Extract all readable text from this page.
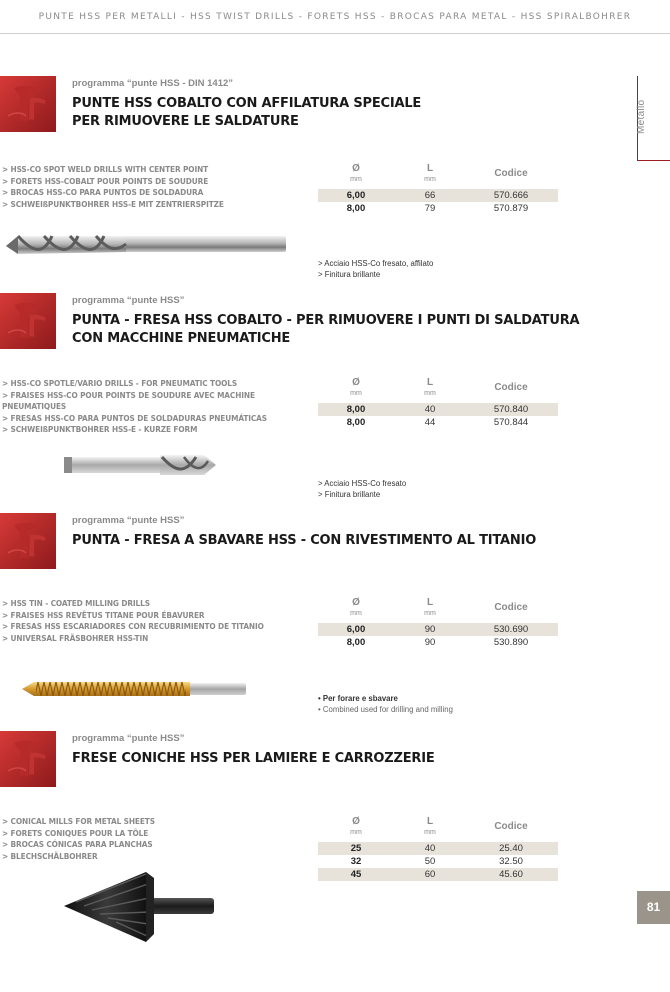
PUNTE HSS PER METALLI - HSS TWIST DRILLS - FORETS HSS - BROCAS PARA METAL - HSS SPIRALBOHRER
Metallo
programma “punte HSS - DIN 1412”
PUNTE HSS COBALTO CON AFFILATURA SPECIALE
PER RIMUOVERE LE SALDATURE
> HSS-CO SPOT WELD DRILLS WITH CENTER POINT
> FORETS HSS-COBALT POUR POINTS DE SOUDURE
> BROCAS HSS-CO PARA PUNTOS DE SOLDADURA
> SCHWEIßPUNKTBOHRER HSS-E MIT ZENTRIERSPITZE
Ø
mm
L
mm
Codice
6,00	66	570.666
8,00	79	570.879
> Acciaio HSS-Co fresato, affilato
> Finitura brillante
programma “punte HSS”
PUNTA - FRESA HSS COBALTO - PER RIMUOVERE I PUNTI DI SALDATURA
CON MACCHINE PNEUMATICHE
> HSS-CO SPOTLE/VARIO DRILLS - FOR PNEUMATIC TOOLS
> FRAISES HSS-CO POUR POINTS DE SOUDURE AVEC MACHINE PNEUMATIQUES
> FRESAS HSS-CO PARA PUNTOS DE SOLDADURAS PNEUMÁTICAS
> SCHWEIßPUNKTBOHRER HSS-E - KURZE FORM
Ø
mm
L
mm
Codice
8,00	40	570.840
8,00	44	570.844
> Acciaio HSS-Co fresato
> Finitura brillante
programma “punte HSS”
PUNTA - FRESA A SBAVARE HSS - CON RIVESTIMENTO AL TITANIO
> HSS TIN - COATED MILLING DRILLS
> FRAISES HSS REVÊTUS TITANE POUR ÉBAVURER
> FRESAS HSS ESCARIADORES CON RECUBRIMIENTO DE TITANIO
> UNIVERSAL FRÄSBOHRER HSS-TIN
Ø
mm
L
mm
Codice
6,00	90	530.690
8,00	90	530.890
• Per forare e sbavare
• Combined used for drilling and milling
programma “punte HSS”
FRESE CONICHE HSS PER LAMIERE E CARROZZERIE
> CONICAL MILLS FOR METAL SHEETS
> FORETS CONIQUES POUR LA TÔLE
> BROCAS CÓNICAS PARA PLANCHAS
> BLECHSCHÄLBOHRER
Ø
mm
L
mm
Codice
25	40	25.40
32	50	32.50
45	60	45.60
81
